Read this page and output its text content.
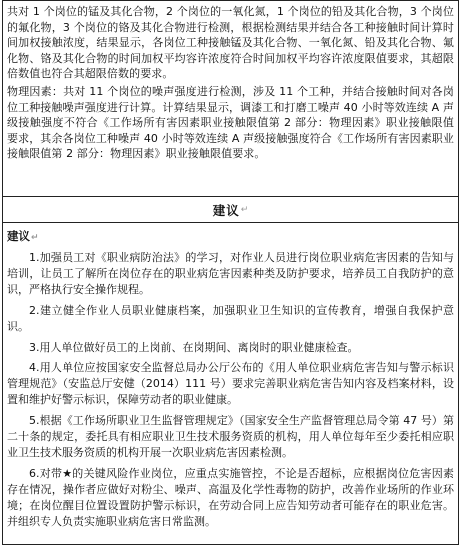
共对 1 个岗位的锰及其化合物，2 个岗位的一氧化氮，1 个岗位的铅及其化合物，3 个岗位的氟化物，3 个岗位的铬及其化合物进行检测，根据检测结果并结合各工种接触时间计算时间加权接触浓度，结果显示，各岗位工种接触锰及其化合物、一氧化氮、铅及其化合物、氟化物、铬及其化合物的时间加权平均容许浓度符合时间加权平均容许浓度限值要求，其超限倍数值也符合其超限倍数的要求。

物理因素：共对 11 个岗位的噪声强度进行检测，涉及 11 个工种，并结合接触时间对各岗位工种接触噪声强度进行计算。计算结果显示，调漆工和打磨工噪声 40 小时等效连续 A 声级接触强度不符合《工作场所有害因素职业接触限值第 2 部分：物理因素》职业接触限值要求，其余各岗位工种噪声 40 小时等效连续 A 声级接触强度符合《工作场所有害因素职业接触限值第 2 部分：物理因素》职业接触限值要求。

建议 ↵
建议↵

1.加强员工对《职业病防治法》的学习，对作业人员进行岗位职业病危害因素的告知与培训，让员工了解所在岗位存在的职业病危害因素种类及防护要求，培养员工自我防护的意识，严格执行安全操作规程。

2.建立健全作业人员职业健康档案，加强职业卫生知识的宣传教育，增强自我保护意识。

3.用人单位做好员工的上岗前、在岗期间、离岗时的职业健康检查。

4.用人单位应按国家安全监督总局办公厅公布的《用人单位职业病危害告知与警示标识管理规范》（安监总厅安健（2014）111 号）要求完善职业病危害告知内容及档案材料，设置和维护好警示标识，保障劳动者的职业健康。

5.根据《工作场所职业卫生监督管理规定》（国家安全生产监督管理总局令第 47 号）第二十条的规定，委托具有相应职业卫生技术服务资质的机构，用人单位每年至少委托相应职业卫生技术服务资质的机构开展一次职业病危害因素检测。

6.对带★的关键风险作业岗位，应重点实施管控，不论是否超标，应根据岗位危害因素存在情况，操作者应做好对粉尘、噪声、高温及化学性毒物的防护，改善作业场所的作业环境；在岗位醒目位置设置防护警示标识，在劳动合同上应告知劳动者可能存在的职业危害。并组织专人负责实施职业病危害日常监测。
